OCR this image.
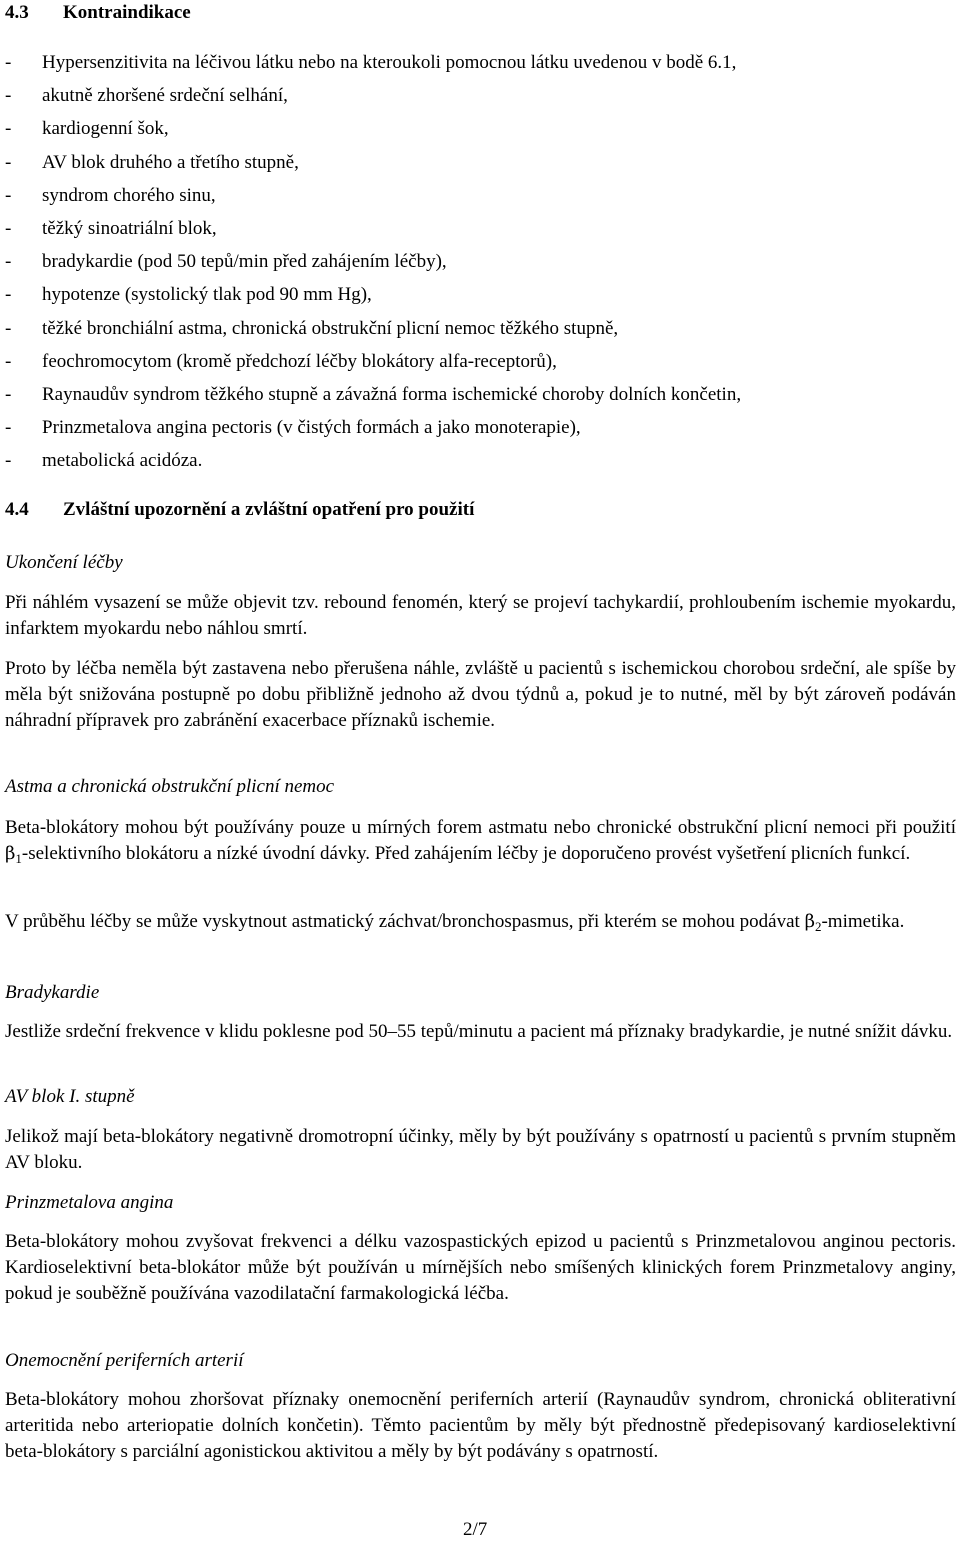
4.3	Kontraindikace
-	Hypersenzitivita na léčivou látku nebo na kteroukoli pomocnou látku uvedenou v bodě 6.1,
-	akutně zhoršené srdeční selhání,
-	kardiogenní šok,
-	AV blok druhého a třetího stupně,
-	syndrom chorého sinu,
-	těžký sinoatriální blok,
-	bradykardie (pod 50 tepů/min před zahájením léčby),
-	hypotenze (systolický tlak pod 90 mm Hg),
-	těžké bronchiální astma, chronická obstrukční plicní nemoc těžkého stupně,
-	feochromocytom (kromě předchozí léčby blokátory alfa-receptorů),
-	Raynaudův syndrom těžkého stupně a závažná forma ischemické choroby dolních končetin,
-	Prinzmetalova angina pectoris (v čistých formách a jako monoterapie),
-	metabolická acidóza.
4.4	Zvláštní upozornění a zvláštní opatření pro použití

Ukončení léčby

Při náhlém vysazení se může objevit tzv. rebound fenomén, který se projeví tachykardií, prohloubením ischemie myokardu, infarktem myokardu nebo náhlou smrtí.

Proto by léčba neměla být zastavena nebo přerušena náhle, zvláště u pacientů s ischemickou chorobou srdeční, ale spíše by měla být snižována postupně po dobu přibližně jednoho až dvou týdnů a, pokud je to nutné, měl by být zároveň podáván náhradní přípravek pro zabránění exacerbace příznaků ischemie.

Astma a chronická obstrukční plicní nemoc

Beta-blokátory mohou být používány pouze u mírných forem astmatu nebo chronické obstrukční plicní nemoci při použití $\beta_1$-selektivního blokátoru a nízké úvodní dávky. Před zahájením léčby je doporučeno provést vyšetření plicních funkcí.

V průběhu léčby se může vyskytnout astmatický záchvat/bronchospasmus, při kterém se mohou podávat $\beta_2$-mimetika.

Bradykardie

Jestliže srdeční frekvence v klidu poklesne pod 50–55 tepů/minutu a pacient má příznaky bradykardie, je nutné snížit dávku.

AV blok I. stupně

Jelikož mají beta-blokátory negativně dromotropní účinky, měly by být používány s opatrností u pacientů s prvním stupněm AV bloku.

Prinzmetalova angina

Beta-blokátory mohou zvyšovat frekvenci a délku vazospastických epizod u pacientů s Prinzmetalovou anginou pectoris. Kardioselektivní beta-blokátor může být používán u mírnějších nebo smíšených klinických forem Prinzmetalovy anginy, pokud je souběžně používána vazodilatační farmakologická léčba.

Onemocnění periferních arterií

Beta-blokátory mohou zhoršovat příznaky onemocnění periferních arterií (Raynaudův syndrom, chronická obliterativní arteritida nebo arteriopatie dolních končetin). Těmto pacientům by měly být přednostně předepisovaný kardioselektivní beta-blokátory s parciální agonistickou aktivitou a měly by být podávány s opatrností.

2/7
